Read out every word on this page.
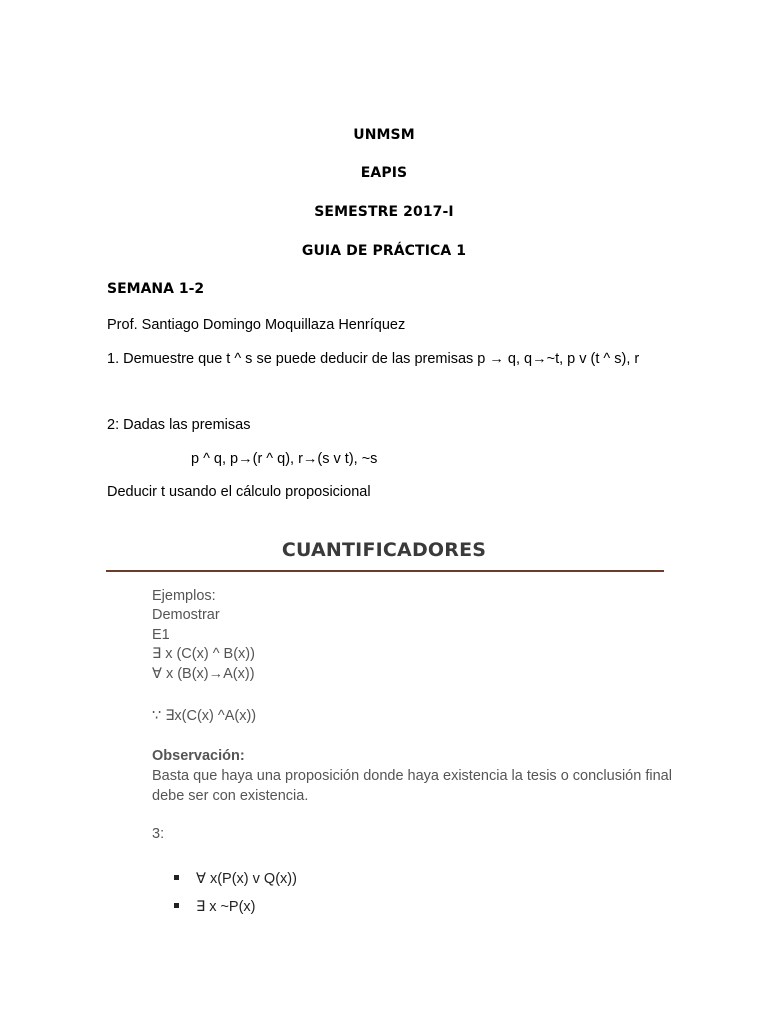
UNMSM
EAPIS
SEMESTRE 2017-I
GUIA DE PRÁCTICA 1
SEMANA 1-2
Prof. Santiago Domingo Moquillaza Henríquez
1. Demuestre que t ^ s se puede deducir de las premisas p → q, q→~t, p v (t ^ s), r
2: Dadas las premisas
p ^ q, p→(r ^ q), r→(s v t), ~s
Deducir t usando el cálculo proposicional
CUANTIFICADORES
Ejemplos:
Demostrar
E1
∃ x (C(x) ^ B(x))
∀ x (B(x)→A(x))
∵ ∃x(C(x) ^A(x))
Observación:
Basta que haya una proposición donde haya existencia la tesis o conclusión final debe ser con existencia.
3:
∀ x(P(x) v Q(x))
∃ x ~P(x)
